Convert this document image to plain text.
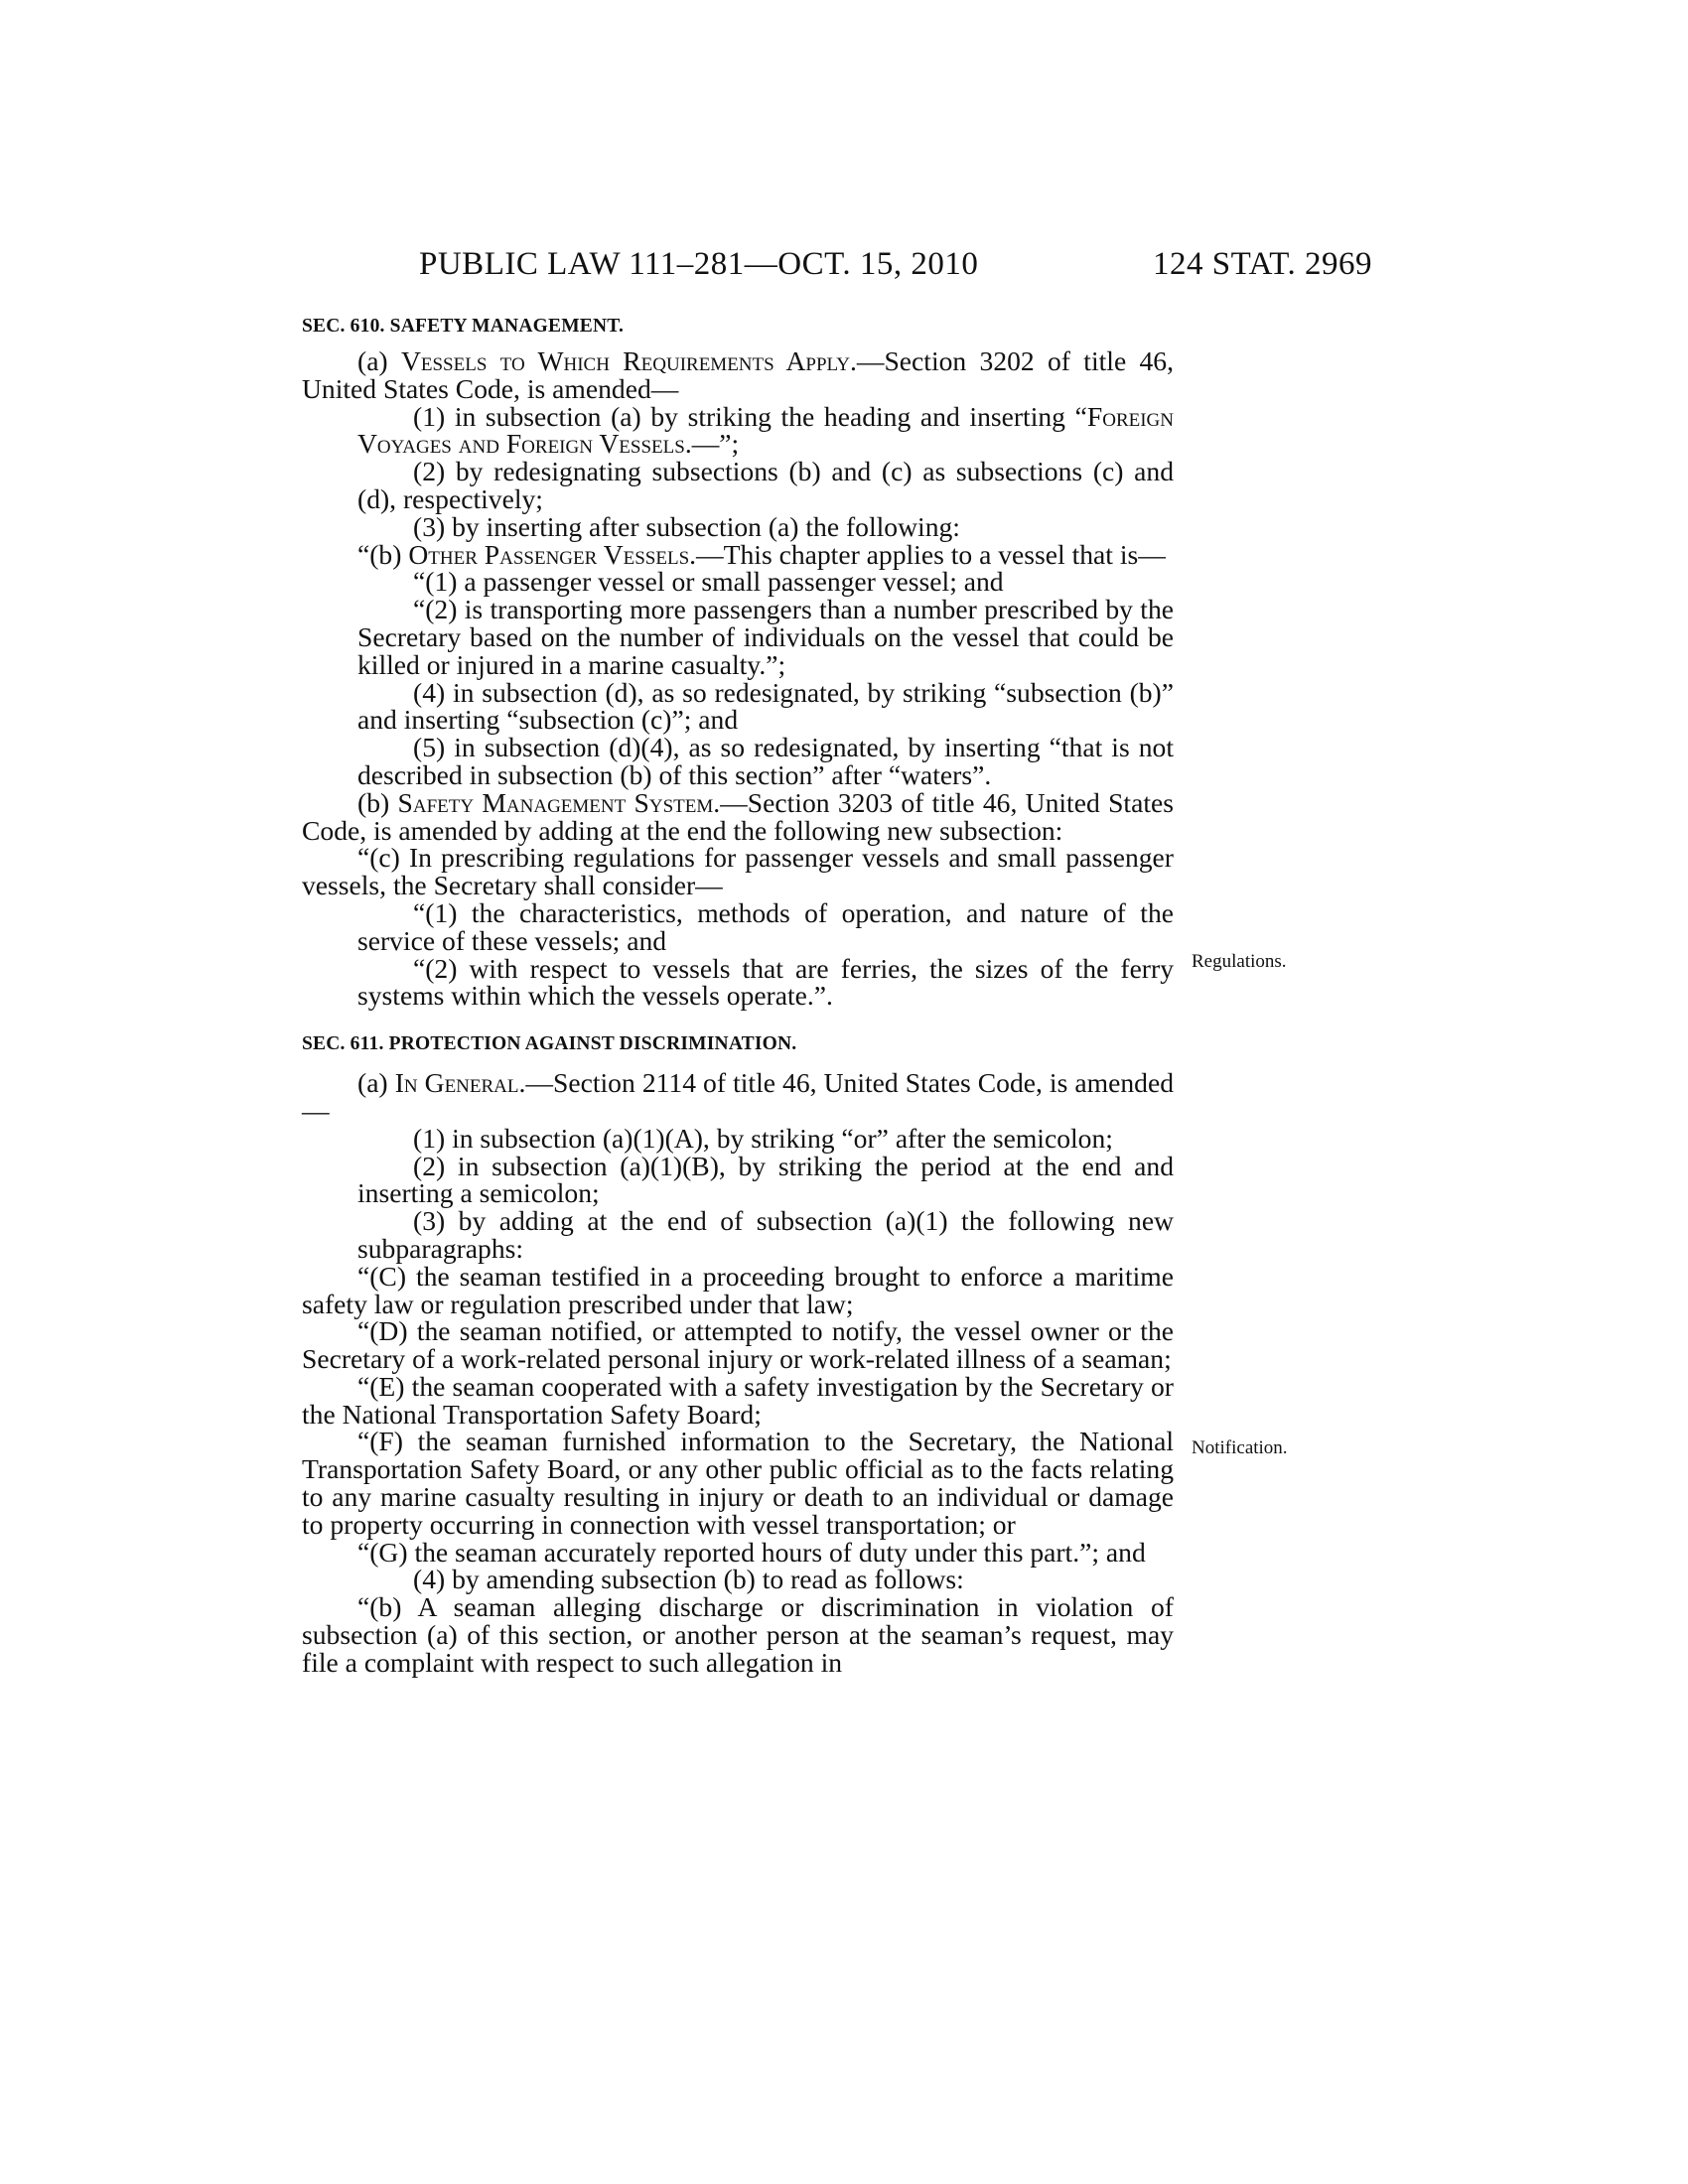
PUBLIC LAW 111–281—OCT. 15, 2010	124 STAT. 2969
SEC. 610. SAFETY MANAGEMENT.

(a) Vessels to Which Requirements Apply.—Section 3202 of title 46, United States Code, is amended—

(1) in subsection (a) by striking the heading and inserting “Foreign Voyages and Foreign Vessels.—”;

(2) by redesignating subsections (b) and (c) as subsections (c) and (d), respectively;

(3) by inserting after subsection (a) the following:

“(b) Other Passenger Vessels.—This chapter applies to a vessel that is—

“(1) a passenger vessel or small passenger vessel; and

“(2) is transporting more passengers than a number prescribed by the Secretary based on the number of individuals on the vessel that could be killed or injured in a marine casualty.”;

(4) in subsection (d), as so redesignated, by striking “subsection (b)” and inserting “subsection (c)”; and

(5) in subsection (d)(4), as so redesignated, by inserting “that is not described in subsection (b) of this section” after “waters”.

(b) Safety Management System.—Section 3203 of title 46, United States Code, is amended by adding at the end the following new subsection:

“(c) In prescribing regulations for passenger vessels and small passenger vessels, the Secretary shall consider—

“(1) the characteristics, methods of operation, and nature of the service of these vessels; and

“(2) with respect to vessels that are ferries, the sizes of the ferry systems within which the vessels operate.”.

SEC. 611. PROTECTION AGAINST DISCRIMINATION.

(a) In General.—Section 2114 of title 46, United States Code, is amended—

(1) in subsection (a)(1)(A), by striking “or” after the semicolon;

(2) in subsection (a)(1)(B), by striking the period at the end and inserting a semicolon;

(3) by adding at the end of subsection (a)(1) the following new subparagraphs:

“(C) the seaman testified in a proceeding brought to enforce a maritime safety law or regulation prescribed under that law;

“(D) the seaman notified, or attempted to notify, the vessel owner or the Secretary of a work-related personal injury or work-related illness of a seaman;

“(E) the seaman cooperated with a safety investigation by the Secretary or the National Transportation Safety Board;

“(F) the seaman furnished information to the Secretary, the National Transportation Safety Board, or any other public official as to the facts relating to any marine casualty resulting in injury or death to an individual or damage to property occurring in connection with vessel transportation; or

“(G) the seaman accurately reported hours of duty under this part.”; and

(4) by amending subsection (b) to read as follows:

“(b) A seaman alleging discharge or discrimination in violation of subsection (a) of this section, or another person at the seaman’s request, may file a complaint with respect to such allegation in

Regulations.
Notification.
